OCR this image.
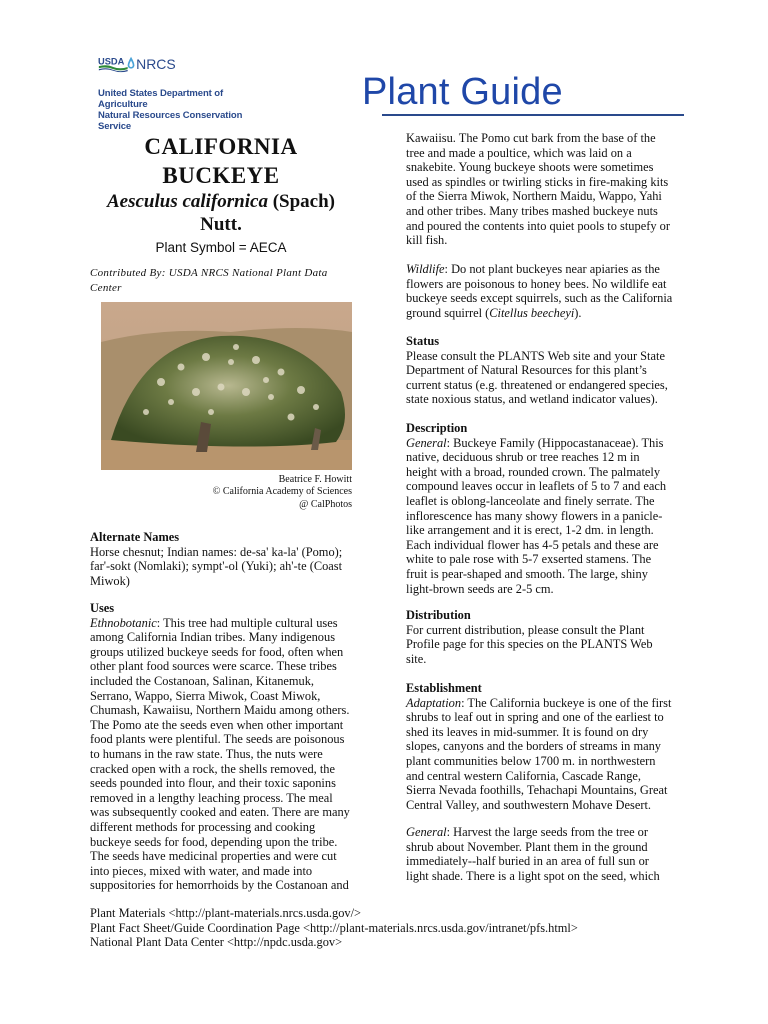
USDA NRCS
United States Department of Agriculture
Natural Resources Conservation Service
Plant Guide
CALIFORNIA
BUCKEYE
Aesculus californica (Spach)
Nutt.
Plant Symbol = AECA
Contributed By: USDA NRCS National Plant Data
Center
Beatrice F. Howitt
© California Academy of Sciences
@ CalPhotos
Alternate Names
Horse chesnut; Indian names: de-sa' ka-la' (Pomo);
far'-sokt (Nomlaki); sympt'-ol (Yuki); ah'-te (Coast
Miwok)
Uses
Ethnobotanic: This tree had multiple cultural uses
among California Indian tribes. Many indigenous
groups utilized buckeye seeds for food, often when
other plant food sources were scarce. These tribes
included the Costanoan, Salinan, Kitanemuk,
Serrano, Wappo, Sierra Miwok, Coast Miwok,
Chumash, Kawaiisu, Northern Maidu among others.
The Pomo ate the seeds even when other important
food plants were plentiful. The seeds are poisonous
to humans in the raw state. Thus, the nuts were
cracked open with a rock, the shells removed, the
seeds pounded into flour, and their toxic saponins
removed in a lengthy leaching process. The meal
was subsequently cooked and eaten. There are many
different methods for processing and cooking
buckeye seeds for food, depending upon the tribe.
The seeds have medicinal properties and were cut
into pieces, mixed with water, and made into
suppositories for hemorrhoids by the Costanoan and
Kawaiisu. The Pomo cut bark from the base of the
tree and made a poultice, which was laid on a
snakebite. Young buckeye shoots were sometimes
used as spindles or twirling sticks in fire-making kits
of the Sierra Miwok, Northern Maidu, Wappo, Yahi
and other tribes. Many tribes mashed buckeye nuts
and poured the contents into quiet pools to stupefy or
kill fish.
Wildlife: Do not plant buckeyes near apiaries as the
flowers are poisonous to honey bees. No wildlife eat
buckeye seeds except squirrels, such as the California
ground squirrel (Citellus beecheyi).
Status
Please consult the PLANTS Web site and your State
Department of Natural Resources for this plant’s
current status (e.g. threatened or endangered species,
state noxious status, and wetland indicator values).
Description
General: Buckeye Family (Hippocastanaceae). This
native, deciduous shrub or tree reaches 12 m in
height with a broad, rounded crown. The palmately
compound leaves occur in leaflets of 5 to 7 and each
leaflet is oblong-lanceolate and finely serrate. The
inflorescence has many showy flowers in a panicle-
like arrangement and it is erect, 1-2 dm. in length.
Each individual flower has 4-5 petals and these are
white to pale rose with 5-7 exserted stamens. The
fruit is pear-shaped and smooth. The large, shiny
light-brown seeds are 2-5 cm.
Distribution
For current distribution, please consult the Plant
Profile page for this species on the PLANTS Web
site.
Establishment
Adaptation: The California buckeye is one of the first
shrubs to leaf out in spring and one of the earliest to
shed its leaves in mid-summer. It is found on dry
slopes, canyons and the borders of streams in many
plant communities below 1700 m. in northwestern
and central western California, Cascade Range,
Sierra Nevada foothills, Tehachapi Mountains, Great
Central Valley, and southwestern Mohave Desert.
General: Harvest the large seeds from the tree or
shrub about November. Plant them in the ground
immediately--half buried in an area of full sun or
light shade. There is a light spot on the seed, which
Plant Materials <http://plant-materials.nrcs.usda.gov/>
Plant Fact Sheet/Guide Coordination Page <http://plant-materials.nrcs.usda.gov/intranet/pfs.html>
National Plant Data Center <http://npdc.usda.gov>
